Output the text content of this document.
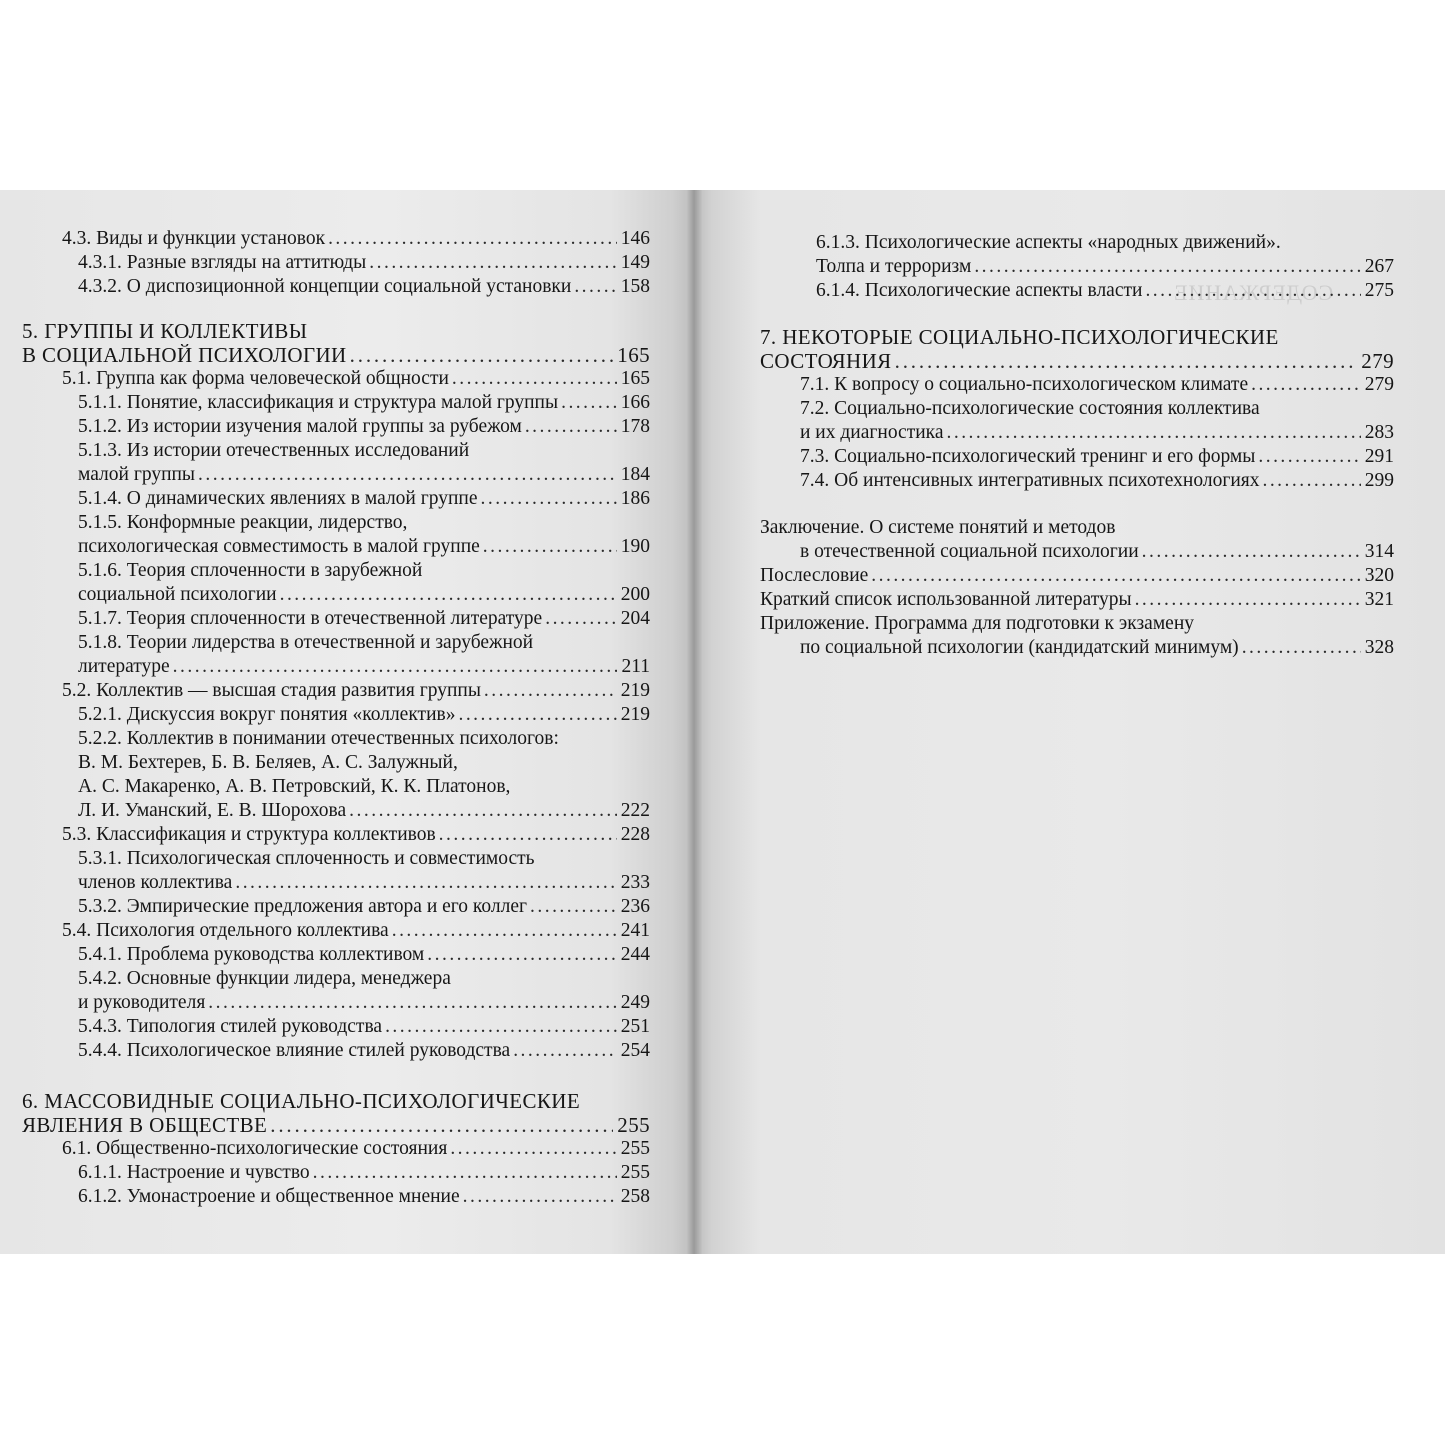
СОДЕРЖАНИЕ
4.3. Виды и функции установок . . .	146
4.3.1. Разные взгляды на аттитюды . . .	149
4.3.2. О диспозиционной концепции социальной установки . . .	158
5. ГРУППЫ И КОЛЛЕКТИВЫ
В СОЦИАЛЬНОЙ ПСИХОЛОГИИ . . .	165
5.1. Группа как форма человеческой общности . . .	165
5.1.1. Понятие, классификация и структура малой группы . . .	166
5.1.2. Из истории изучения малой группы за рубежом . . .	178
5.1.3. Из истории отечественных исследований
малой группы . . .	184
5.1.4. О динамических явлениях в малой группе . . .	186
5.1.5. Конформные реакции, лидерство,
психологическая совместимость в малой группе . . .	190
5.1.6. Теория сплоченности в зарубежной
социальной психологии . . .	200
5.1.7. Теория сплоченности в отечественной литературе . . .	204
5.1.8. Теории лидерства в отечественной и зарубежной
литературе . . .	211
5.2. Коллектив — высшая стадия развития группы . . .	219
5.2.1. Дискуссия вокруг понятия «коллектив» . . .	219
5.2.2. Коллектив в понимании отечественных психологов:
В. М. Бехтерев, Б. В. Беляев, А. С. Залужный,
А. С. Макаренко, А. В. Петровский, К. К. Платонов,
Л. И. Уманский, Е. В. Шорохова . . .	222
5.3. Классификация и структура коллективов . . .	228
5.3.1. Психологическая сплоченность и совместимость
членов коллектива . . .	233
5.3.2. Эмпирические предложения автора и его коллег . . .	236
5.4. Психология отдельного коллектива . . .	241
5.4.1. Проблема руководства коллективом . . .	244
5.4.2. Основные функции лидера, менеджера
и руководителя . . .	249
5.4.3. Типология стилей руководства . . .	251
5.4.4. Психологическое влияние стилей руководства . . .	254
6. МАССОВИДНЫЕ СОЦИАЛЬНО-ПСИХОЛОГИЧЕСКИЕ
ЯВЛЕНИЯ В ОБЩЕСТВЕ . . .	255
6.1. Общественно-психологические состояния . . .	255
6.1.1. Настроение и чувство . . .	255
6.1.2. Умонастроение и общественное мнение . . .	258
6.1.3. Психологические аспекты «народных движений».
Толпа и терроризм . . .	267
6.1.4. Психологические аспекты власти . . .	275
7. НЕКОТОРЫЕ СОЦИАЛЬНО-ПСИХОЛОГИЧЕСКИЕ
СОСТОЯНИЯ . . .	279
7.1. К вопросу о социально-психологическом климате . . .	279
7.2. Социально-психологические состояния коллектива
и их диагностика . . .	283
7.3. Социально-психологический тренинг и его формы . . .	291
7.4. Об интенсивных интегративных психотехнологиях . . .	299
Заключение. О системе понятий и методов
в отечественной социальной психологии . . .	314
Послесловие . . .	320
Краткий список использованной литературы . . .	321
Приложение. Программа для подготовки к экзамену
по социальной психологии (кандидатский минимум) . . .	328
